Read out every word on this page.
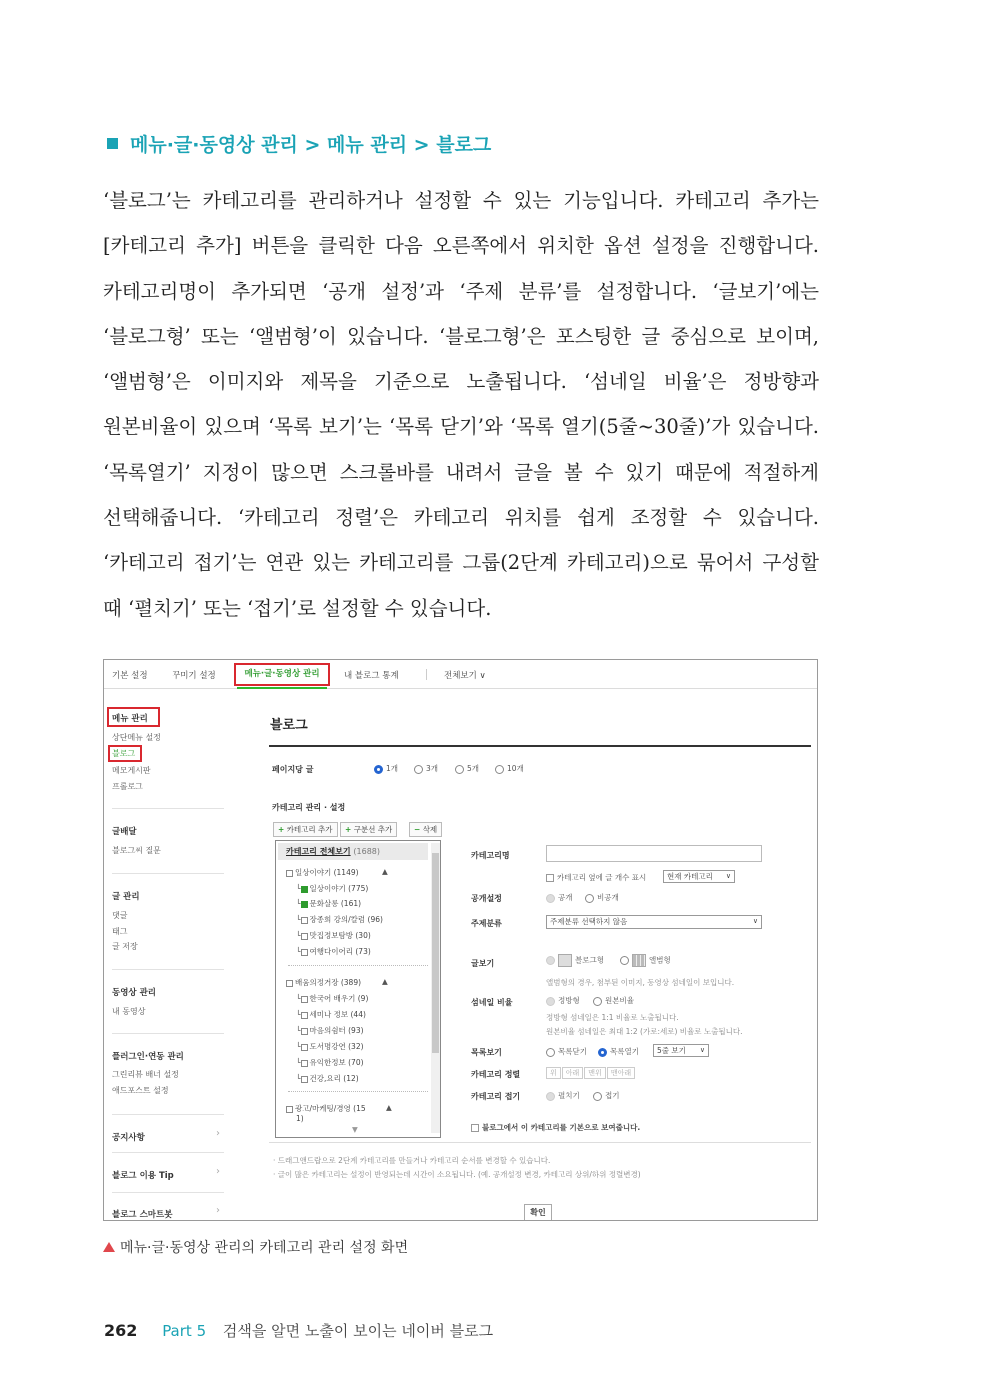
메뉴·글·동영상 관리 > 메뉴 관리 > 블로그

‘블로그’는 카테고리를 관리하거나 설정할 수 있는 기능입니다. 카테고리 추가는 [카테고리 추가] 버튼을 클릭한 다음 오른쪽에서 위치한 옵션 설정을 진행합니다. 카테고리명이 추가되면 ‘공개 설정’과 ‘주제 분류’를 설정합니다. ‘글보기’에는 ‘블로그형’ 또는 ‘앨범형’이 있습니다. ‘블로그형’은 포스팅한 글 중심으로 보이며, ‘앨범형’은 이미지와 제목을 기준으로 노출됩니다. ‘섬네일 비율’은 정방향과 원본비율이 있으며 ‘목록 보기’는 ‘목록 닫기’와 ‘목록 열기(5줄~30줄)’가 있습니다. ‘목록열기’ 지정이 많으면 스크롤바를 내려서 글을 볼 수 있기 때문에 적절하게 선택해줍니다. ‘카테고리 정렬’은 카테고리 위치를 쉽게 조정할 수 있습니다. ‘카테고리 접기’는 연관 있는 카테고리를 그룹(2단계 카테고리)으로 묶어서 구성할 때 ‘펼치기’ 또는 ‘접기’로 설정할 수 있습니다.

기본 설정	꾸미기 설정	메뉴·글·동영상 관리	내 블로그 통계	전체보기 ∨
메뉴 관리
상단메뉴 설정
블로그
메모게시판
프롤로그
글배달
블로그씨 질문
글 관리
댓글
태그
글 저장
동영상 관리
내 동영상
플러그인·연동 관리
그린리뷰 배너 설정
애드포스트 설정
공지사항	›
블로그 이용 Tip	›
블로그 스마트봇	›
블로그
페이지당 글	1개	3개	5개	10개
카테고리 관리 · 설정
+ 카테고리 추가	+ 구분선 추가	− 삭제
카테고리 전체보기 (1688)
일상이야기 (1149)	▲
└ 일상이야기 (775)
└ 문화살롱 (161)
└ 장종희 강의/칼럼 (96)
└ 맛집정보탐방 (30)
└ 여행다이어리 (73)
배움의정거장 (389)	▲
└ 한국어 배우기 (9)
└ 세미나 정보 (44)
└ 마음의쉼터 (93)
└ 도서명강연 (32)
└ 유익한정보 (70)
└ 건강,요리 (12)
광고/마케팅/경영 (15	▲
1)
▼
카테고리명
카테고리 옆에 글 개수 표시	현재 카테고리 ∨
공개설정	공개	비공개
주제분류	주제분류 선택하지 않음	∨
글보기	블로그형	앨범형
앨범형의 경우, 첨부된 이미지, 동영상 섬네일이 보입니다.
섬네일 비율	정방형	원본비율
정방형 섬네일은 1:1 비율로 노출됩니다.
원본비율 섬네일은 최대 1:2 (가로:세로) 비율로 노출됩니다.
목록보기	목록닫기	목록열기	5줄 보기 ∨
카테고리 정렬	위 아래 맨위 맨아래
카테고리 접기	펼치기	접기
블로그에서 이 카테고리를 기본으로 보여줍니다.
· 드래그앤드랍으로 2단계 카테고리를 만들거나 카테고리 순서를 변경할 수 있습니다.
· 글이 많은 카테고리는 설정이 반영되는데 시간이 소요됩니다. (예. 공개설정 변경, 카테고리 상위/하위 정렬변경)
확인
메뉴·글·동영상 관리의 카테고리 관리 설정 화면
262 Part 5 검색을 알면 노출이 보이는 네이버 블로그
